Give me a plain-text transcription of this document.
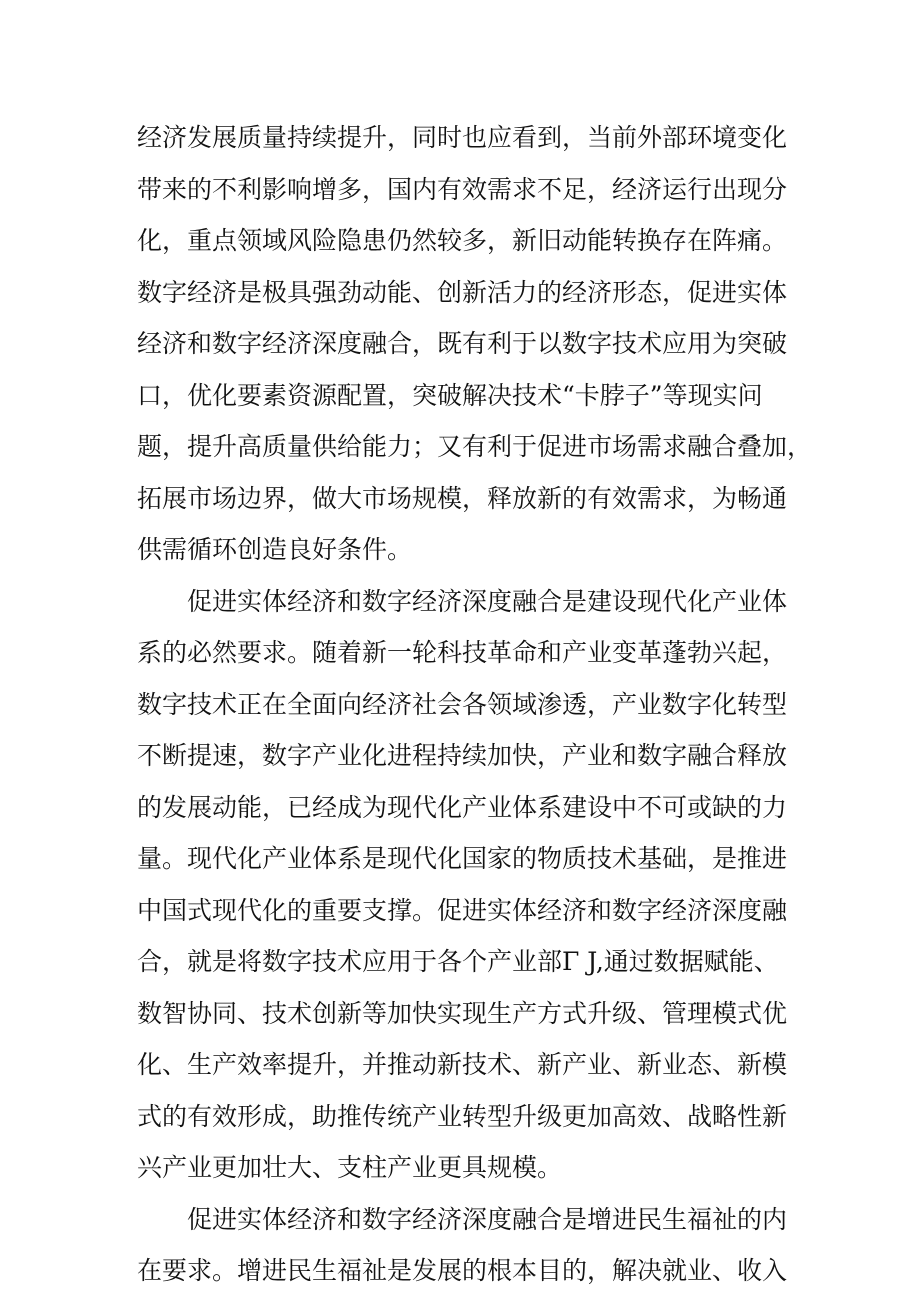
经济发展质量持续提升，同时也应看到，当前外部环境变化
带来的不利影响增多，国内有效需求不足，经济运行出现分
化，重点领域风险隐患仍然较多，新旧动能转换存在阵痛。
数字经济是极具强劲动能、创新活力的经济形态，促进实体
经济和数字经济深度融合，既有利于以数字技术应用为突破
口，优化要素资源配置，突破解决技术“卡脖子”等现实问
题，提升高质量供给能力；又有利于促进市场需求融合叠加，
拓展市场边界，做大市场规模，释放新的有效需求，为畅通
供需循环创造良好条件。
促进实体经济和数字经济深度融合是建设现代化产业体
系的必然要求。随着新一轮科技革命和产业变革蓬勃兴起，
数字技术正在全面向经济社会各领域渗透，产业数字化转型
不断提速，数字产业化进程持续加快，产业和数字融合释放
的发展动能，已经成为现代化产业体系建设中不可或缺的力
量。现代化产业体系是现代化国家的物质技术基础，是推进
中国式现代化的重要支撑。促进实体经济和数字经济深度融
合，就是将数字技术应用于各个产业部Γ J,通过数据赋能、
数智协同、技术创新等加快实现生产方式升级、管理模式优
化、生产效率提升，并推动新技术、新产业、新业态、新模
式的有效形成，助推传统产业转型升级更加高效、战略性新
兴产业更加壮大、支柱产业更具规模。
促进实体经济和数字经济深度融合是增进民生福祉的内
在要求。增进民生福祉是发展的根本目的，解决就业、收入
